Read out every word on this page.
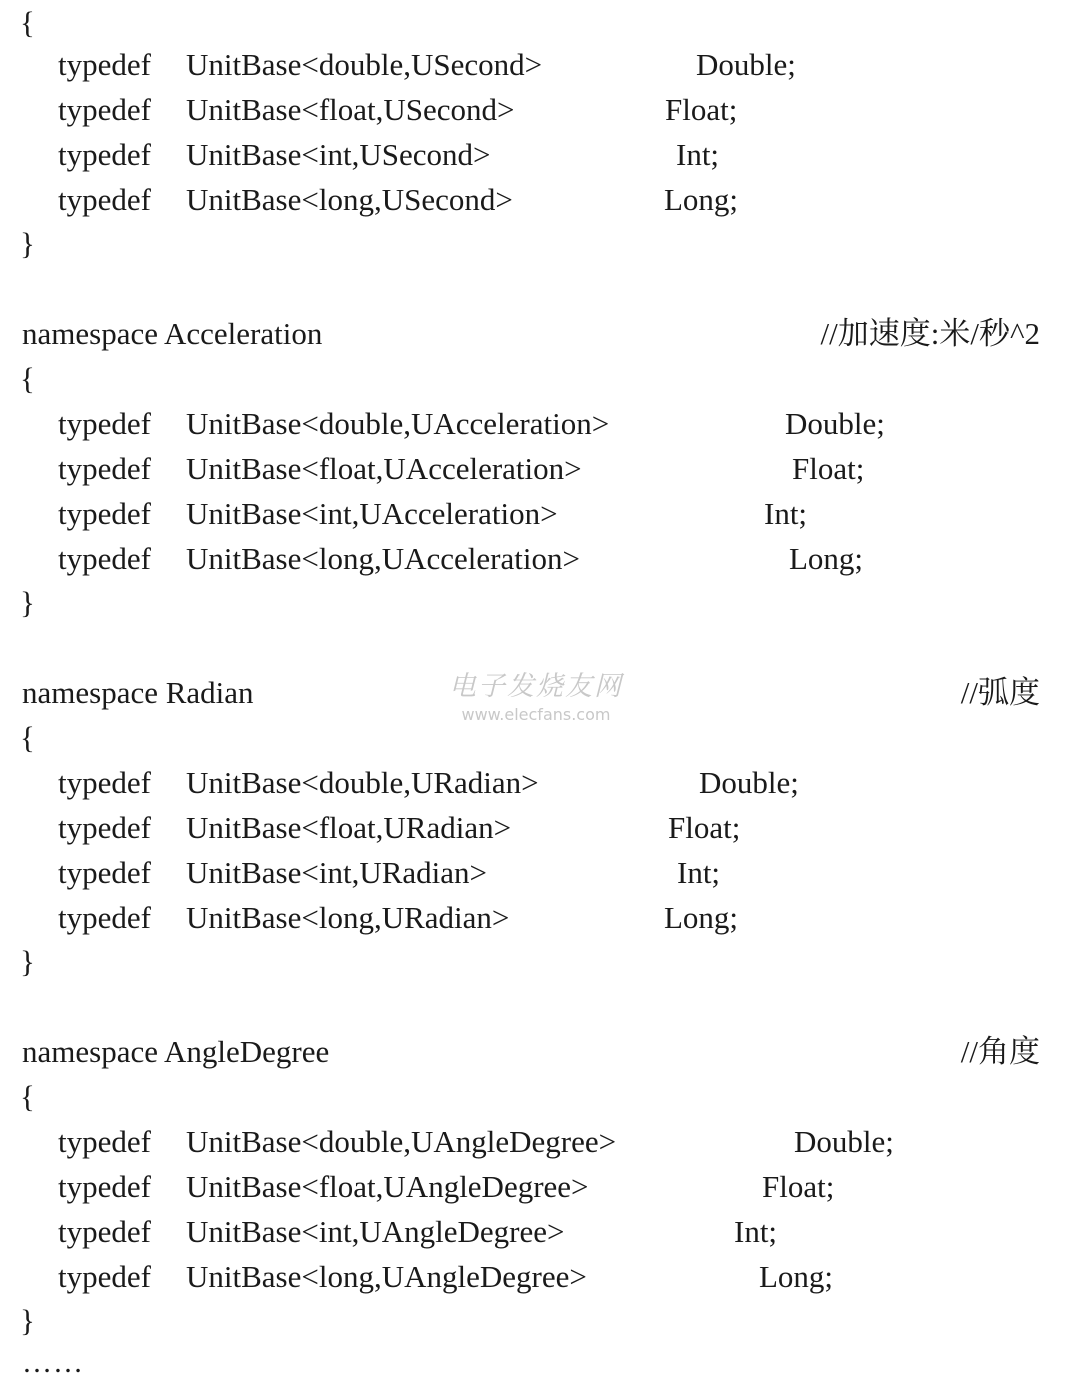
{
typedef UnitBase<double,USecond>	Double;
typedef UnitBase<float,USecond>	Float;
typedef UnitBase<int,USecond>	Int;
typedef UnitBase<long,USecond>	Long;
}
namespace Acceleration	//加速度:米/秒^2
{
typedef UnitBase<double,UAcceleration>	Double;
typedef UnitBase<float,UAcceleration>	Float;
typedef UnitBase<int,UAcceleration>	Int;
typedef UnitBase<long,UAcceleration>	Long;
}
namespace Radian	//弧度
{
typedef UnitBase<double,URadian>	Double;
typedef UnitBase<float,URadian>	Float;
typedef UnitBase<int,URadian>	Int;
typedef UnitBase<long,URadian>	Long;
}
namespace AngleDegree	//角度
{
typedef UnitBase<double,UAngleDegree>	Double;
typedef UnitBase<float,UAngleDegree>	Float;
typedef UnitBase<int,UAngleDegree>	Int;
typedef UnitBase<long,UAngleDegree>	Long;
}
……
电子发烧友网
www.elecfans.com
